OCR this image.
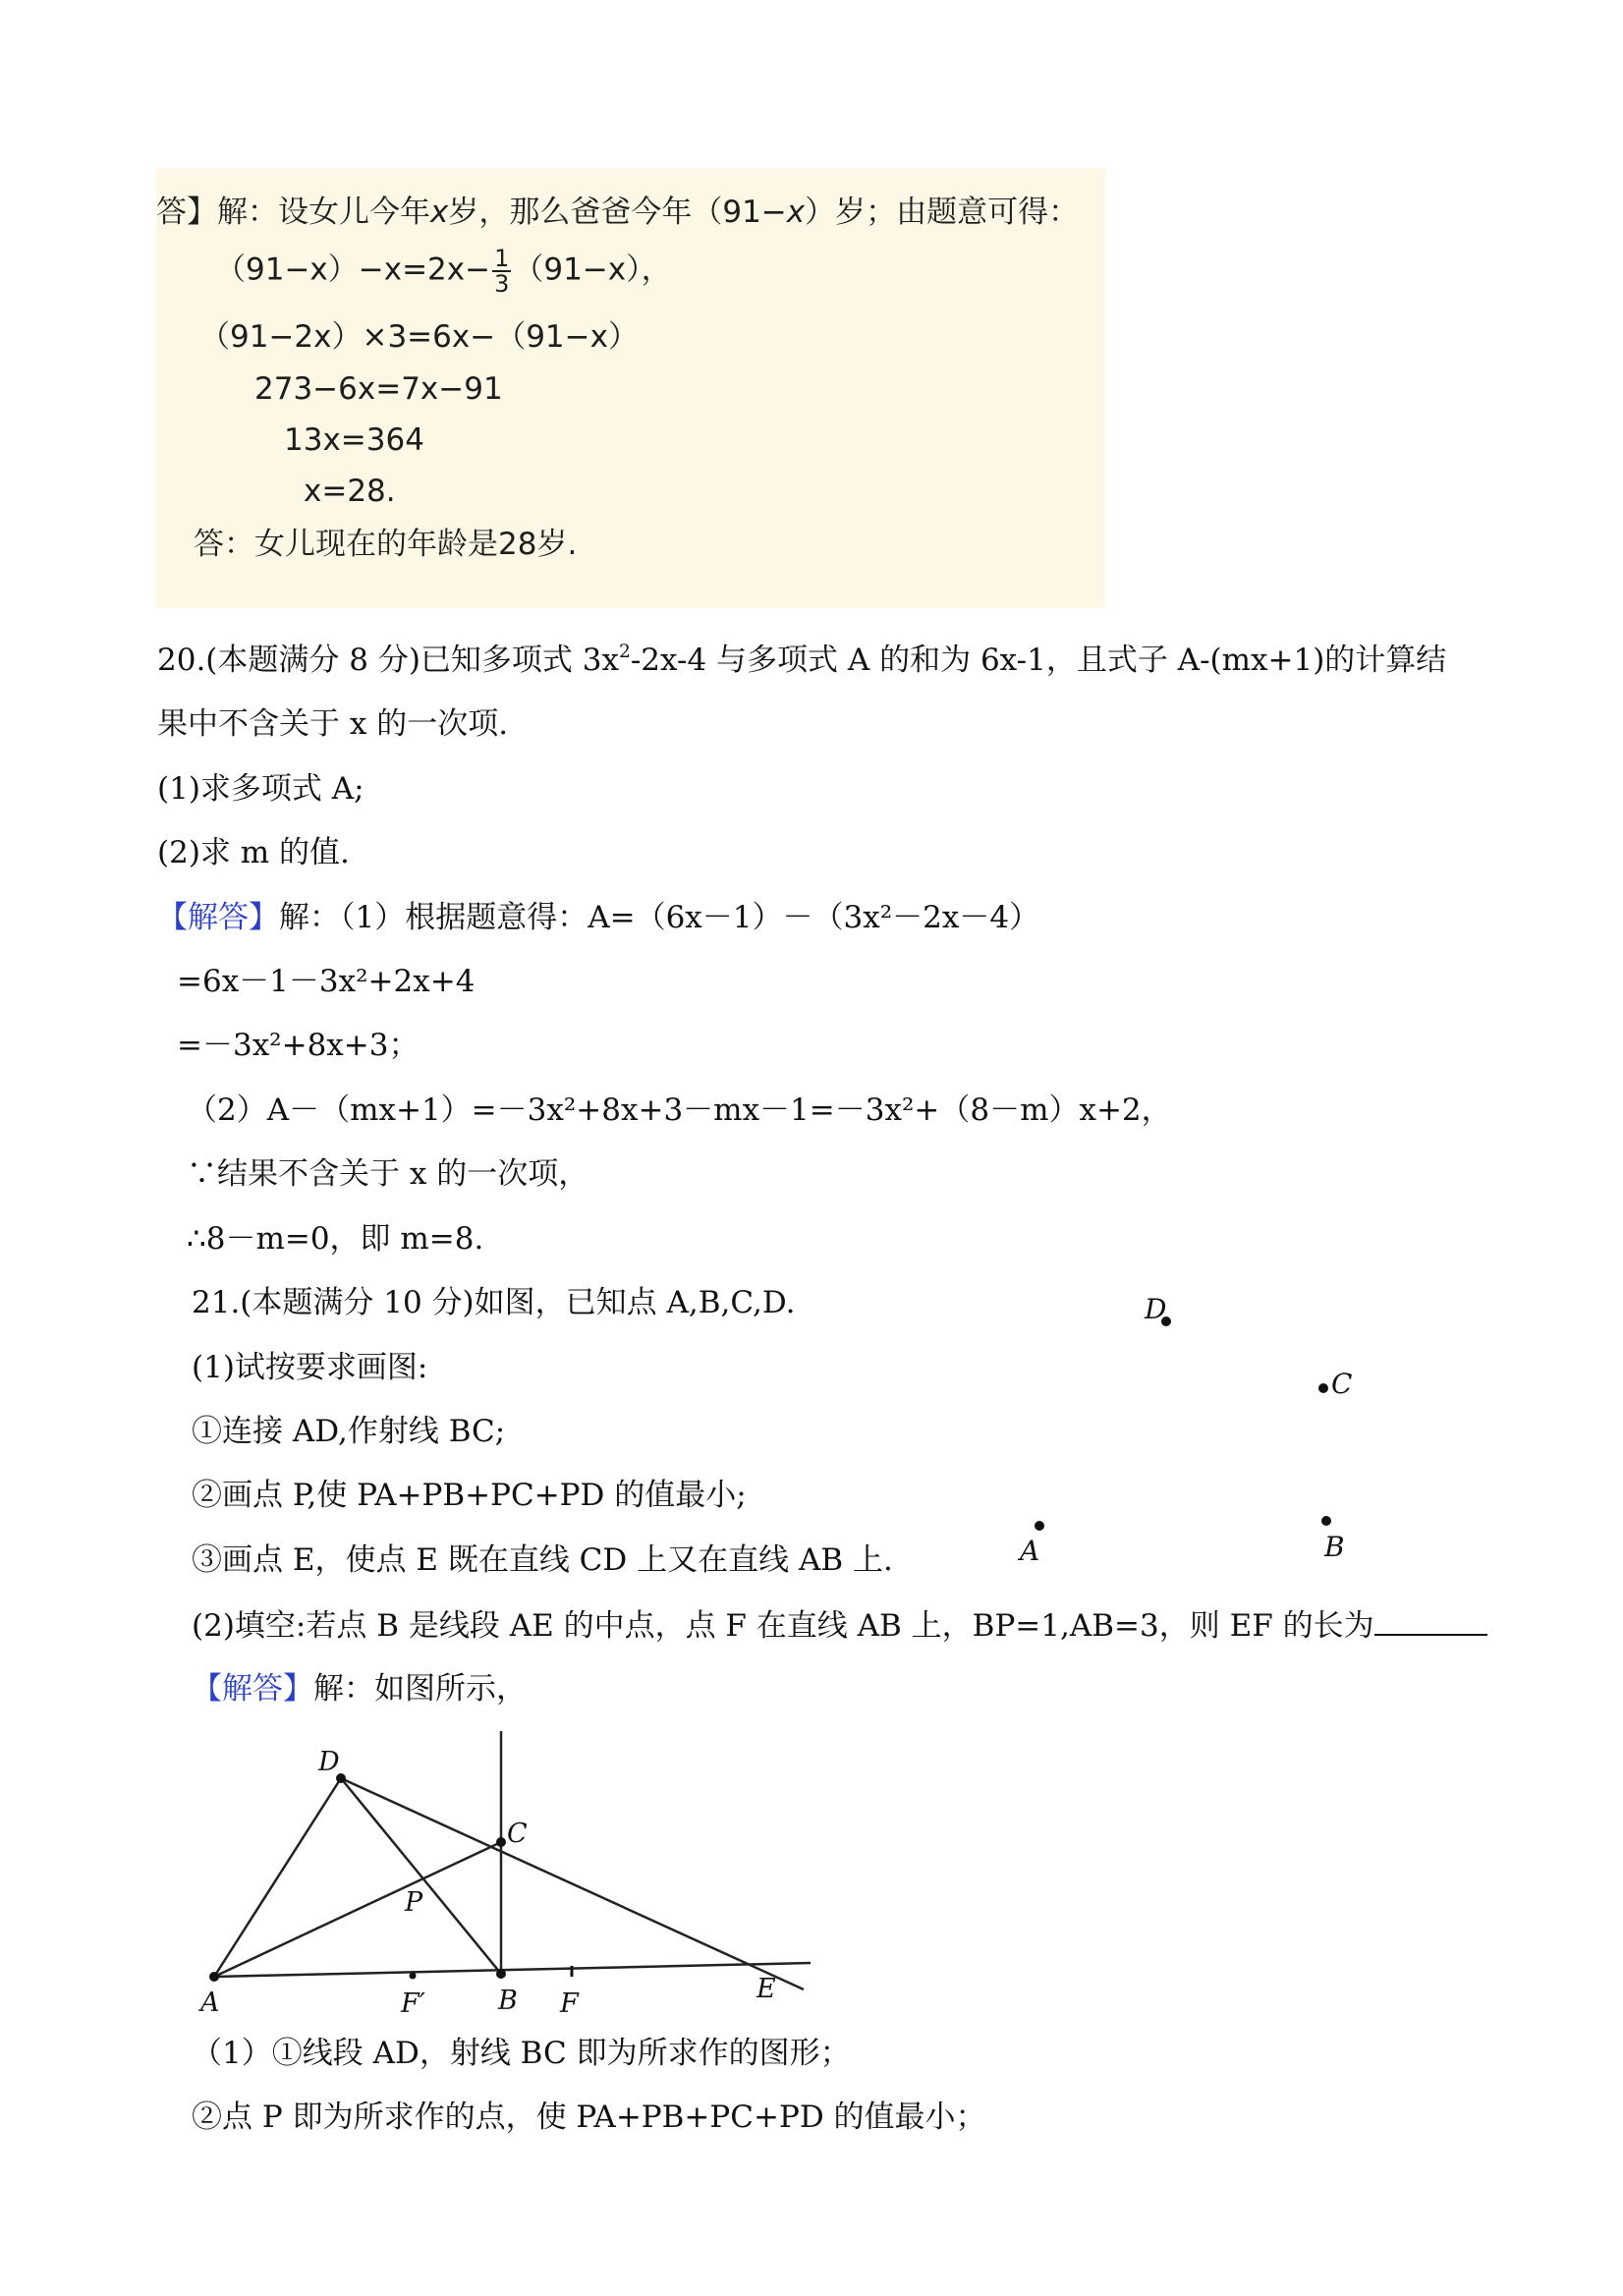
答】解：设女儿今年x岁，那么爸爸今年（91−x）岁；由题意可得：
$(91-x)-x=2x- \frac{1}{3} (91-x)$，
（91−2x）×3=6x−（91−x）
273−6x=7x−91
13x=364
x=28.
答：女儿现在的年龄是28岁.
20.(本题满分 8 分)已知多项式 $3x^2-2x-4$ 与多项式 A 的和为 6x-1，且式子 A-(mx+1)的计算结
果中不含关于 x 的一次项.
(1)求多项式 A;
(2)求 m 的值.
【解答】解：（1）根据题意得：A=（6x－1）－（3x²－2x－4）
=6x－1－3x²+2x+4
=－3x²+8x+3；
（2）A－（mx+1）=－3x²+8x+3－mx－1=－3x²+（8－m）x+2，
∵结果不含关于 x 的一次项，
∴8－m=0，即 m=8.
21.(本题满分 10 分)如图，已知点 A,B,C,D.
(1)试按要求画图:
①连接 AD,作射线 BC;
②画点 P,使 PA+PB+PC+PD 的值最小;
③画点 E，使点 E 既在直线 CD 上又在直线 AB 上.
(2)填空:若点 B 是线段 AE 的中点，点 F 在直线 AB 上，BP=1,AB=3，则 EF 的长为
【解答】解：如图所示，
D
C
A	B
A
D
C
B
F′	F	E
P
（1）①线段 AD，射线 BC 即为所求作的图形；
②点 P 即为所求作的点，使 PA+PB+PC+PD 的值最小；
